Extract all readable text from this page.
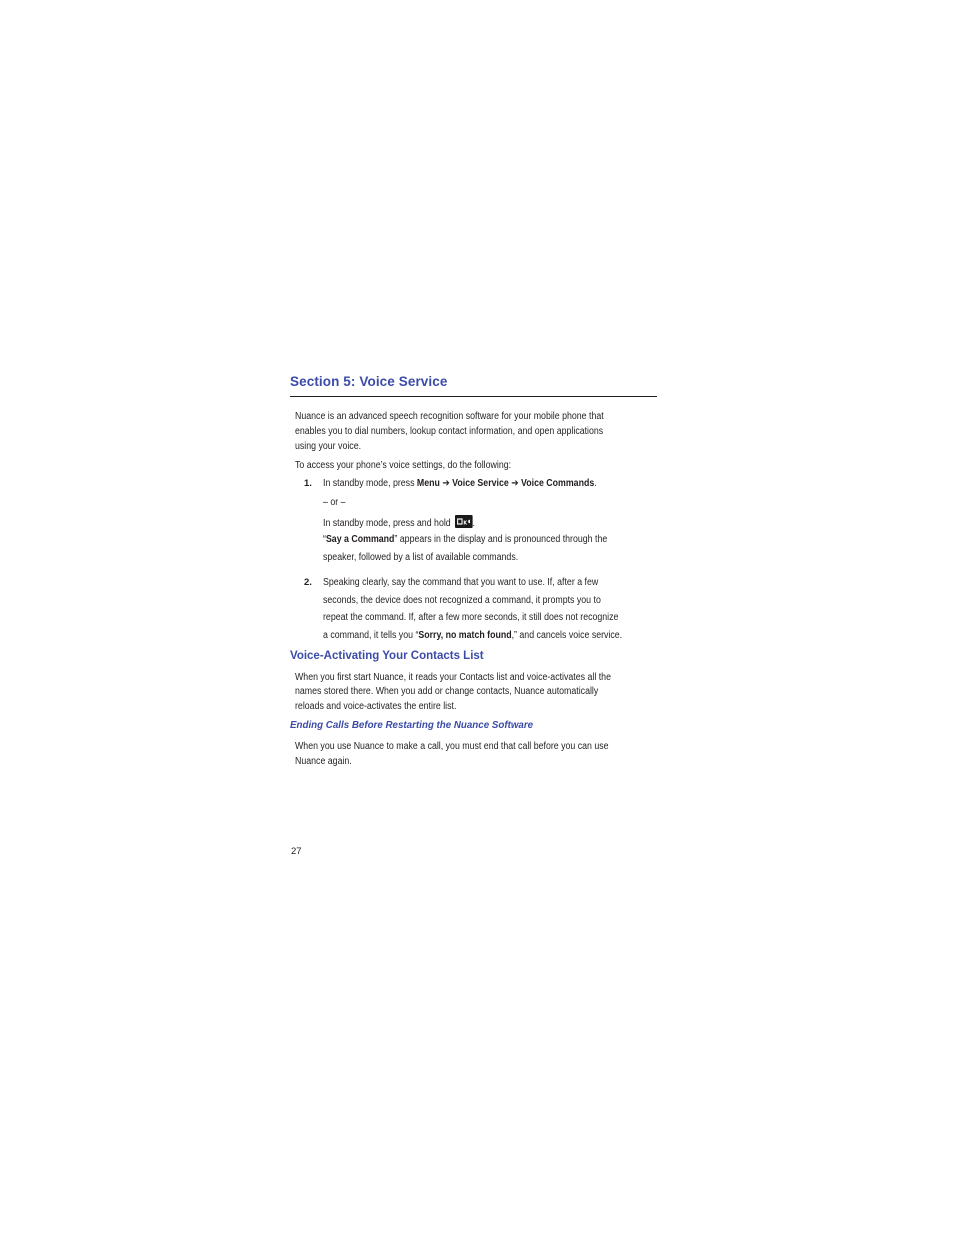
Section 5: Voice Service

Nuance is an advanced speech recognition software for your mobile phone that

enables you to dial numbers, lookup contact information, and open applications

using your voice.

To access your phone’s voice settings, do the following:

1. In standby mode, press Menu ➔ Voice Service ➔ Voice Commands.

– or –

In standby mode, press and hold K .

“Say a Command” appears in the display and is pronounced through the

speaker, followed by a list of available commands.

2. Speaking clearly, say the command that you want to use. If, after a few

seconds, the device does not recognized a command, it prompts you to

repeat the command. If, after a few more seconds, it still does not recognize

a command, it tells you “Sorry, no match found,” and cancels voice service.

Voice-Activating Your Contacts List

When you first start Nuance, it reads your Contacts list and voice-activates all the

names stored there. When you add or change contacts, Nuance automatically

reloads and voice-activates the entire list.

Ending Calls Before Restarting the Nuance Software

When you use Nuance to make a call, you must end that call before you can use

Nuance again.

27
